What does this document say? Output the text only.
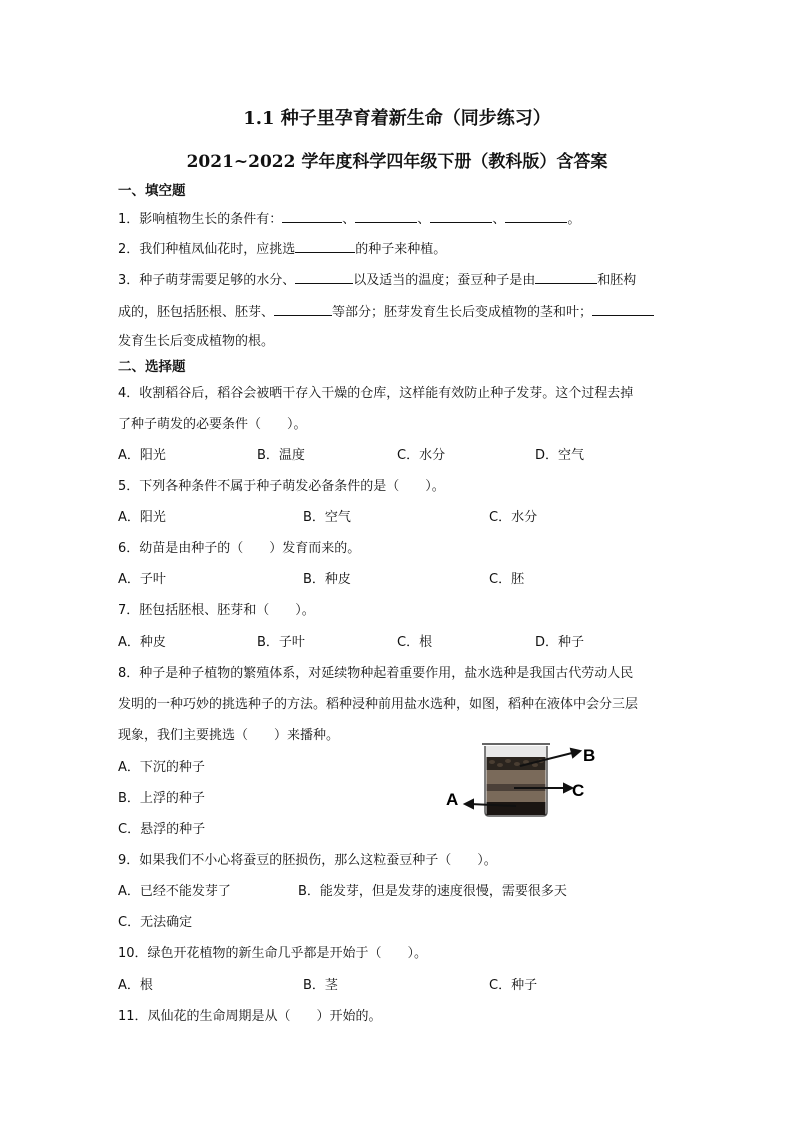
1.1 种子里孕育着新生命（同步练习）
2021~2022 学年度科学四年级下册（教科版）含答案
一、填空题
1．影响植物生长的条件有：	、	、	、	。
2．我们种植凤仙花时，应挑选	的种子来种植。
3．种子萌芽需要足够的水分、	以及适当的温度；蚕豆种子是由	和胚构
成的，胚包括胚根、胚芽、	等部分；胚芽发育生长后变成植物的茎和叶；
发育生长后变成植物的根。
二、选择题
4．收割稻谷后，稻谷会被晒干存入干燥的仓库，这样能有效防止种子发芽。这个过程去掉
了种子萌发的必要条件（　　）。
A．阳光	B．温度	C．水分	D．空气
5．下列各种条件不属于种子萌发必备条件的是（　　）。
A．阳光	B．空气	C．水分
6．幼苗是由种子的（　　）发育而来的。
A．子叶	B．种皮	C．胚
7．胚包括胚根、胚芽和（　　）。
A．种皮	B．子叶	C．根	D．种子
8．种子是种子植物的繁殖体系，对延续物种起着重要作用，盐水选种是我国古代劳动人民
发明的一种巧妙的挑选种子的方法。稻种浸种前用盐水选种，如图，稻种在液体中会分三层
现象，我们主要挑选（　　）来播种。
A．下沉的种子
B．上浮的种子
C．悬浮的种子
B
C
A
9．如果我们不小心将蚕豆的胚损伤，那么这粒蚕豆种子（　　）。
A．已经不能发芽了	B．能发芽，但是发芽的速度很慢，需要很多天
C．无法确定
10．绿色开花植物的新生命几乎都是开始于（　　）。
A．根	B．茎	C．种子
11．凤仙花的生命周期是从（　　）开始的。
